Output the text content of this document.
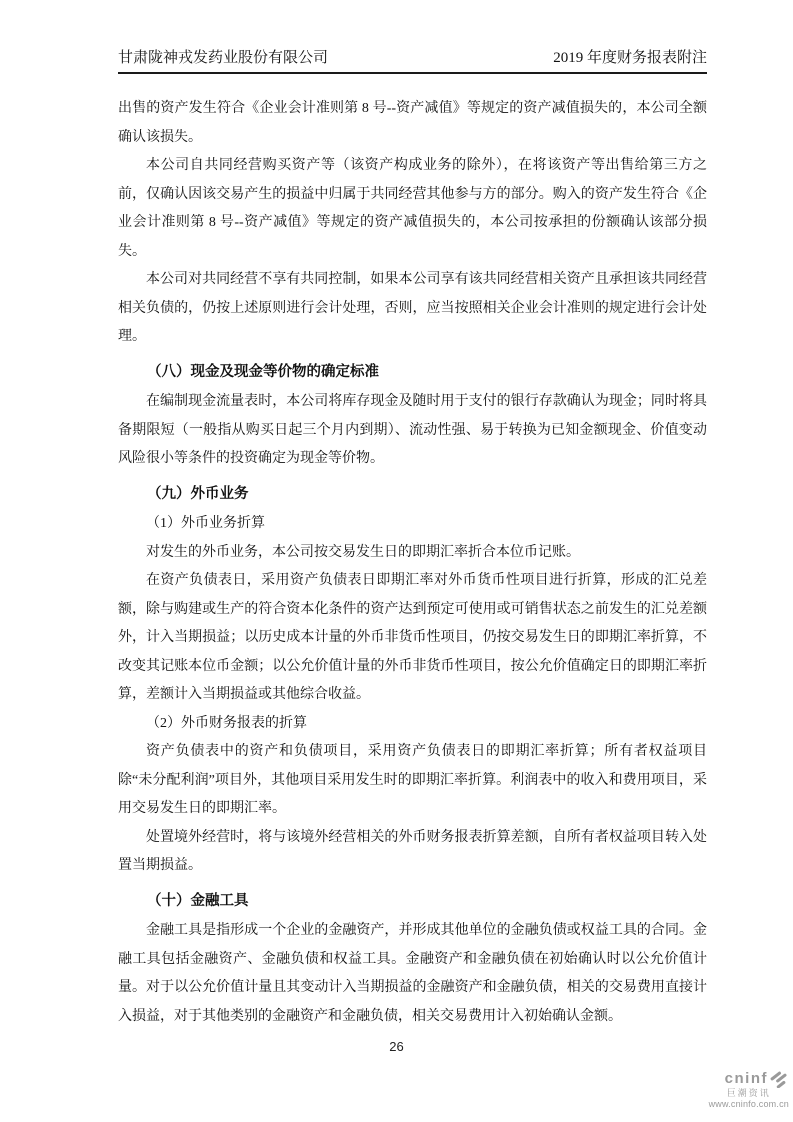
甘肃陇神戎发药业股份有限公司	2019 年度财务报表附注

出售的资产发生符合《企业会计准则第 8 号--资产减值》等规定的资产减值损失的，本公司全额确认该损失。

本公司自共同经营购买资产等（该资产构成业务的除外），在将该资产等出售给第三方之前，仅确认因该交易产生的损益中归属于共同经营其他参与方的部分。购入的资产发生符合《企业会计准则第 8 号--资产减值》等规定的资产减值损失的，本公司按承担的份额确认该部分损失。

本公司对共同经营不享有共同控制，如果本公司享有该共同经营相关资产且承担该共同经营相关负债的，仍按上述原则进行会计处理，否则，应当按照相关企业会计准则的规定进行会计处理。

（八）现金及现金等价物的确定标准

在编制现金流量表时，本公司将库存现金及随时用于支付的银行存款确认为现金；同时将具备期限短（一般指从购买日起三个月内到期）、流动性强、易于转换为已知金额现金、价值变动风险很小等条件的投资确定为现金等价物。

（九）外币业务

（1）外币业务折算

对发生的外币业务，本公司按交易发生日的即期汇率折合本位币记账。

在资产负债表日，采用资产负债表日即期汇率对外币货币性项目进行折算，形成的汇兑差额，除与购建或生产的符合资本化条件的资产达到预定可使用或可销售状态之前发生的汇兑差额外，计入当期损益；以历史成本计量的外币非货币性项目，仍按交易发生日的即期汇率折算，不改变其记账本位币金额；以公允价值计量的外币非货币性项目，按公允价值确定日的即期汇率折算，差额计入当期损益或其他综合收益。

（2）外币财务报表的折算

资产负债表中的资产和负债项目，采用资产负债表日的即期汇率折算；所有者权益项目除“未分配利润”项目外，其他项目采用发生时的即期汇率折算。利润表中的收入和费用项目，采用交易发生日的即期汇率。

处置境外经营时，将与该境外经营相关的外币财务报表折算差额，自所有者权益项目转入处置当期损益。

（十）金融工具

金融工具是指形成一个企业的金融资产，并形成其他单位的金融负债或权益工具的合同。金融工具包括金融资产、金融负债和权益工具。金融资产和金融负债在初始确认时以公允价值计量。对于以公允价值计量且其变动计入当期损益的金融资产和金融负债，相关的交易费用直接计入损益，对于其他类别的金融资产和金融负债，相关交易费用计入初始确认金额。

26
cninf
巨潮资讯
www.cninfo.com.cn
